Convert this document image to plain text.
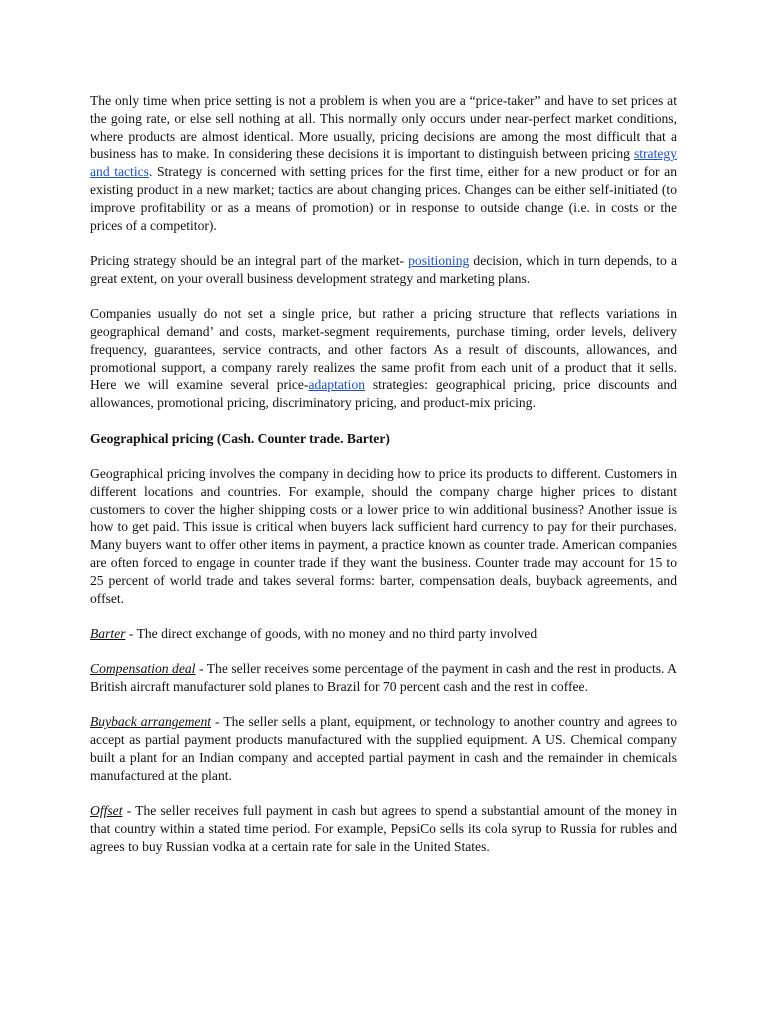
The only time when price setting is not a problem is when you are a “price-taker” and have to set prices at the going rate, or else sell nothing at all. This normally only occurs under near-perfect market conditions, where products are almost identical. More usually, pricing decisions are among the most difficult that a business has to make. In considering these decisions it is important to distinguish between pricing strategy and tactics. Strategy is concerned with setting prices for the first time, either for a new product or for an existing product in a new market; tactics are about changing prices. Changes can be either self-initiated (to improve profitability or as a means of promotion) or in response to outside change (i.e. in costs or the prices of a competitor).

Pricing strategy should be an integral part of the market- positioning decision, which in turn depends, to a great extent, on your overall business development strategy and marketing plans.

Companies usually do not set a single price, but rather a pricing structure that reflects variations in geographical demand’ and costs, market-segment requirements, purchase timing, order levels, delivery frequency, guarantees, service contracts, and other factors As a result of discounts, allowances, and promotional support, a company rarely realizes the same profit from each unit of a product that it sells. Here we will examine several price-adaptation strategies: geographical pricing, price discounts and allowances, promotional pricing, discriminatory pricing, and product-mix pricing.

Geographical pricing (Cash. Counter trade. Barter)

Geographical pricing involves the company in deciding how to price its products to different. Customers in different locations and countries. For example, should the company charge higher prices to distant customers to cover the higher shipping costs or a lower price to win additional business? Another issue is how to get paid. This issue is critical when buyers lack sufficient hard currency to pay for their purchases. Many buyers want to offer other items in payment, a practice known as counter trade. American companies are often forced to engage in counter trade if they want the business. Counter trade may account for 15 to 25 percent of world trade and takes several forms: barter, compensation deals, buyback agreements, and offset.

Barter - The direct exchange of goods, with no money and no third party involved

Compensation deal - The seller receives some percentage of the payment in cash and the rest in products. A British aircraft manufacturer sold planes to Brazil for 70 percent cash and the rest in coffee.

Buyback arrangement - The seller sells a plant, equipment, or technology to another country and agrees to accept as partial payment products manufactured with the supplied equipment. A US. Chemical company built a plant for an Indian company and accepted partial payment in cash and the remainder in chemicals manufactured at the plant.

Offset - The seller receives full payment in cash but agrees to spend a substantial amount of the money in that country within a stated time period. For example, PepsiCo sells its cola syrup to Russia for rubles and agrees to buy Russian vodka at a certain rate for sale in the United States.
